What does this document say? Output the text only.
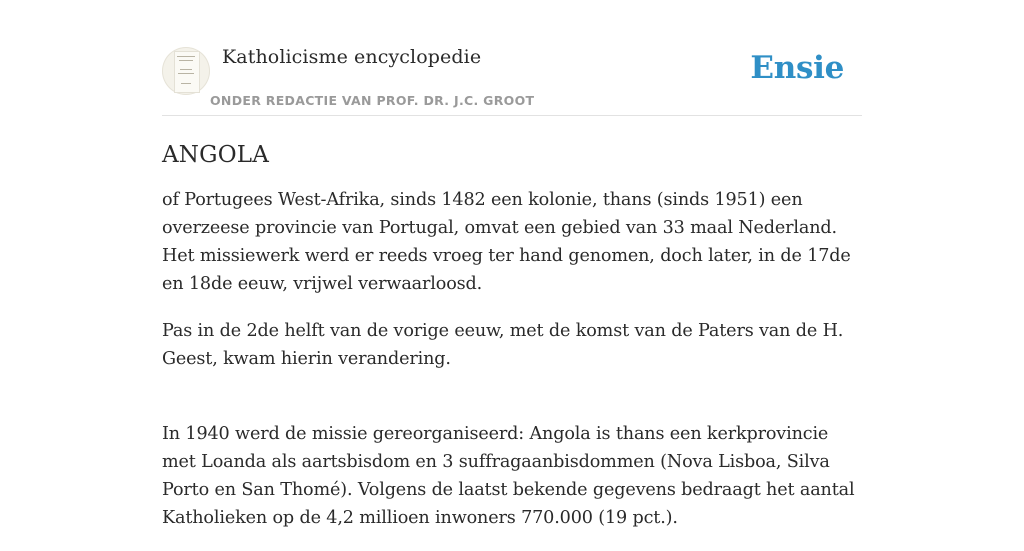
Katholicisme encyclopedie
ONDER REDACTIE VAN PROF. DR. J.C. GROOT
Ensie
ANGOLA

of Portugees West-Afrika, sinds 1482 een kolonie, thans (sinds 1951) een overzeese provincie van Portugal, omvat een gebied van 33 maal Nederland. Het missiewerk werd er reeds vroeg ter hand genomen, doch later, in de 17de en 18de eeuw, vrijwel verwaarloosd.

Pas in de 2de helft van de vorige eeuw, met de komst van de Paters van de H. Geest, kwam hierin verandering.

In 1940 werd de missie gereorganiseerd: Angola is thans een kerkprovincie met Loanda als aartsbisdom en 3 suffragaanbisdommen (Nova Lisboa, Silva Porto en San Thomé). Volgens de laatst bekende gegevens bedraagt het aantal Katholieken op de 4,2 millioen inwoners 770.000 (19 pct.).
